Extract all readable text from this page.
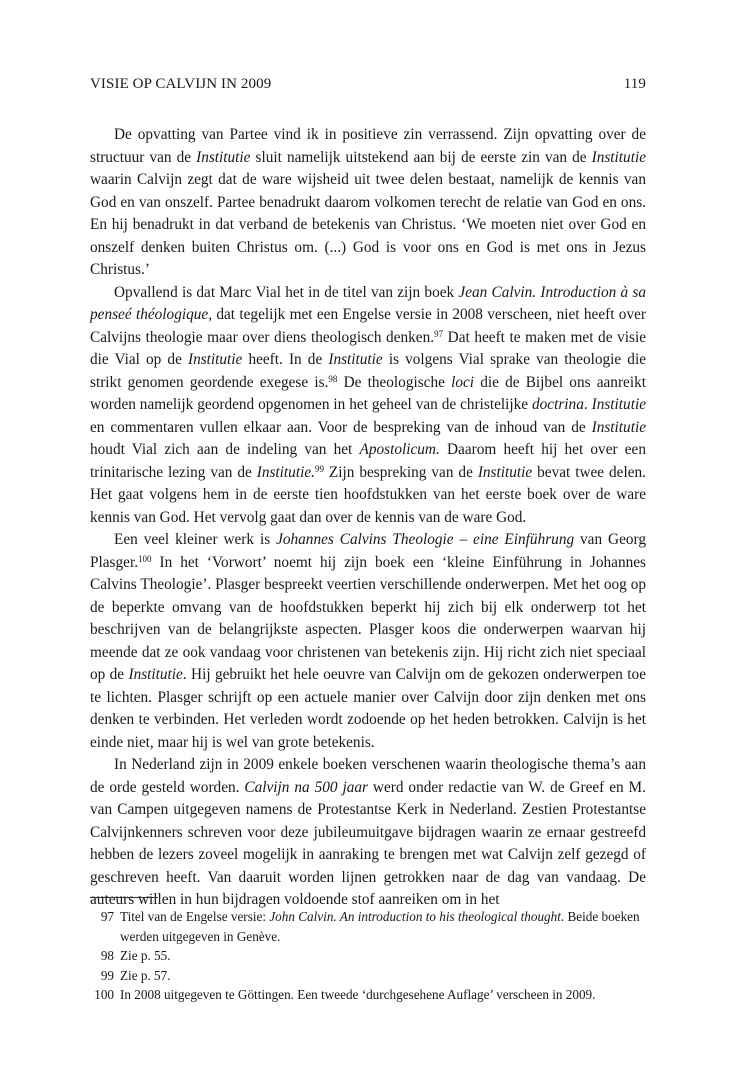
VISIE OP CALVIJN IN 2009	119

De opvatting van Partee vind ik in positieve zin verrassend. Zijn opvatting over de structuur van de Institutie sluit namelijk uitstekend aan bij de eerste zin van de Institutie waarin Calvijn zegt dat de ware wijsheid uit twee delen bestaat, namelijk de kennis van God en van onszelf. Partee benadrukt daarom volkomen terecht de relatie van God en ons. En hij benadrukt in dat verband de betekenis van Christus. ‘We moeten niet over God en onszelf denken buiten Christus om. (...) God is voor ons en God is met ons in Jezus Christus.’

Opvallend is dat Marc Vial het in de titel van zijn boek Jean Calvin. Introduction à sa penseé théologique, dat tegelijk met een Engelse versie in 2008 verscheen, niet heeft over Calvijns theologie maar over diens theologisch denken.$^{97}$ Dat heeft te maken met de visie die Vial op de Institutie heeft. In de Institutie is volgens Vial sprake van theologie die strikt genomen geordende exegese is.$^{98}$ De theologische loci die de Bijbel ons aanreikt worden namelijk geordend opgenomen in het geheel van de christelijke doctrina. Institutie en commentaren vullen elkaar aan. Voor de bespreking van de inhoud van de Institutie houdt Vial zich aan de indeling van het Apostolicum. Daarom heeft hij het over een trinitarische lezing van de Institutie.$^{99}$ Zijn bespreking van de Institutie bevat twee delen. Het gaat volgens hem in de eerste tien hoofdstukken van het eerste boek over de ware kennis van God. Het vervolg gaat dan over de kennis van de ware God.

Een veel kleiner werk is Johannes Calvins Theologie – eine Einführung van Georg Plasger.$^{100}$ In het ‘Vorwort’ noemt hij zijn boek een ‘kleine Einführung in Johannes Calvins Theologie’. Plasger bespreekt veertien verschillende onderwerpen. Met het oog op de beperkte omvang van de hoofdstukken beperkt hij zich bij elk onderwerp tot het beschrijven van de belangrijkste aspecten. Plasger koos die onderwerpen waarvan hij meende dat ze ook vandaag voor christenen van betekenis zijn. Hij richt zich niet speciaal op de Institutie. Hij gebruikt het hele oeuvre van Calvijn om de gekozen onderwerpen toe te lichten. Plasger schrijft op een actuele manier over Calvijn door zijn denken met ons denken te verbinden. Het verleden wordt zodoende op het heden betrokken. Calvijn is het einde niet, maar hij is wel van grote betekenis.

In Nederland zijn in 2009 enkele boeken verschenen waarin theologische thema’s aan de orde gesteld worden. Calvijn na 500 jaar werd onder redactie van W. de Greef en M. van Campen uitgegeven namens de Protestantse Kerk in Nederland. Zestien Protestantse Calvijnkenners schreven voor deze jubileumuitgave bijdragen waarin ze ernaar gestreefd hebben de lezers zoveel mogelijk in aanraking te brengen met wat Calvijn zelf gezegd of geschreven heeft. Van daaruit worden lijnen getrokken naar de dag van vandaag. De auteurs willen in hun bijdragen voldoende stof aanreiken om in het

97 Titel van de Engelse versie: John Calvin. An introduction to his theological thought. Beide boeken werden uitgegeven in Genève.
98 Zie p. 55.
99 Zie p. 57.
100 In 2008 uitgegeven te Göttingen. Een tweede ‘durchgesehene Auflage’ verscheen in 2009.
